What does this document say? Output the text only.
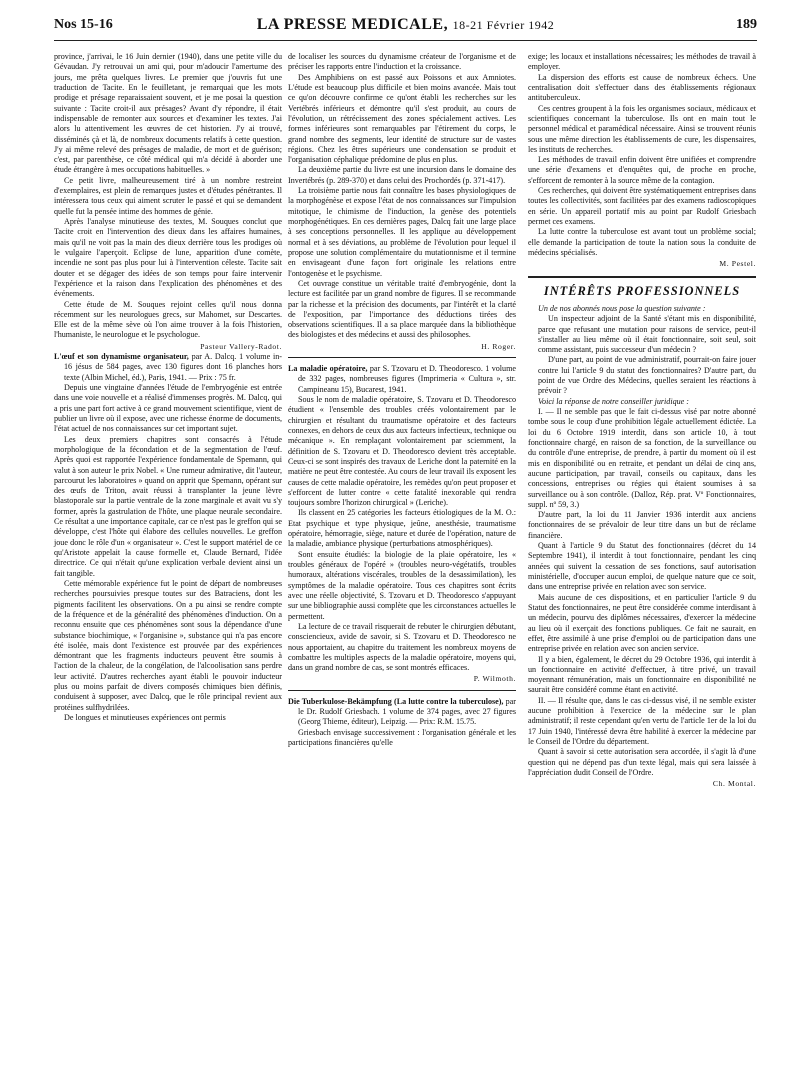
Nos 15-16	LA PRESSE MEDICALE, 18-21 Février 1942	189

province, j'arrivai, le 16 Juin dernier (1940), dans une petite ville du Gévaudan. J'y retrouvai un ami qui, pour m'adoucir l'amertume des jours, me prêta quelques livres. Le premier que j'ouvris fut une traduction de Tacite. En le feuilletant, je remarquai que les mots prodige et présage reparaissaient souvent, et je me posai la question suivante : Tacite croit-il aux présages? Avant d'y répondre, il était indispensable de remonter aux sources et d'examiner les textes. J'ai alors lu attentivement les œuvres de cet historien. J'y ai trouvé, disséminés çà et là, de nombreux documents relatifs à cette question. J'y ai même relevé des présages de maladie, de mort et de guérison; c'est, par parenthèse, ce côté médical qui m'a décidé à aborder une étude étrangère à mes occupations habituelles. »

Ce petit livre, malheureusement tiré à un nombre restreint d'exemplaires, est plein de remarques justes et d'études pénétrantes. Il intéressera tous ceux qui aiment scruter le passé et qui se demandent quelle fut la pensée intime des hommes de génie.

Après l'analyse minutieuse des textes, M. Souques conclut que Tacite croit en l'intervention des dieux dans les affaires humaines, mais qu'il ne voit pas la main des dieux derrière tous les prodiges où le vulgaire l'aperçoit. Eclipse de lune, apparition d'une comète, incendie ne sont pas plus pour lui à l'intervention céleste. Tacite sait douter et se dégager des idées de son temps pour faire intervenir l'expérience et la raison dans l'explication des phénomènes et des événements.

Cette étude de M. Souques rejoint celles qu'il nous donna récemment sur les neurologues grecs, sur Mahomet, sur Descartes. Elle est de la même sève où l'on aime trouver à la fois l'historien, l'humaniste, le neurologue et le psychologue.

Pasteur Vallery-Radot.

L'œuf et son dynamisme organisateur, par A. Dalcq. 1 volume in-16 jésus de 584 pages, avec 130 figures dont 16 planches hors texte (Albin Michel, éd.), Paris, 1941. — Prix : 75 fr.

Depuis une vingtaine d'années l'étude de l'embryogénie est entrée dans une voie nouvelle et a réalisé d'immenses progrès. M. Dalcq, qui a pris une part fort active à ce grand mouvement scientifique, vient de publier un livre où il expose, avec une richesse énorme de documents, l'état actuel de nos connaissances sur cet important sujet.

Les deux premiers chapitres sont consacrés à l'étude morphologique de la fécondation et de la segmentation de l'œuf. Après quoi est rapportée l'expérience fondamentale de Spemann, qui valut à son auteur le prix Nobel. « Une rumeur admirative, dit l'auteur, parcourut les laboratoires » quand on apprit que Spemann, opérant sur des œufs de Triton, avait réussi à transplanter la jeune lèvre blastoporale sur la partie ventrale de la zone marginale et avait vu s'y former, après la gastrulation de l'hôte, une plaque neurale secondaire. Ce résultat a une importance capitale, car ce n'est pas le greffon qui se développe, c'est l'hôte qui élabore des cellules nouvelles. Le greffon joue donc le rôle d'un « organisateur ». C'est le support matériel de ce qu'Aristote appelait la cause formelle et, Claude Bernard, l'idée directrice. Ce qui n'était qu'une explication verbale devient ainsi un fait tangible.

Cette mémorable expérience fut le point de départ de nombreuses recherches poursuivies presque toutes sur des Batraciens, dont les pigments facilitent les observations. On a pu ainsi se rendre compte de la fréquence et de la généralité des phénomènes d'induction. On a reconnu ensuite que ces phénomènes sont sous la dépendance d'une substance biochimique, « l'organisine », substance qui n'a pas encore été isolée, mais dont l'existence est prouvée par des expériences démontrant que les fragments inducteurs peuvent être soumis à l'action de la chaleur, de la congélation, de l'alcoolisation sans perdre leur activité. D'autres recherches ayant établi le pouvoir inducteur plus ou moins parfait de divers composés chimiques bien définis, conduisent à supposer, avec Dalcq, que le rôle principal revient aux protéines sulfhydrilées.

De longues et minutieuses expériences ont permis

de localiser les sources du dynamisme créateur de l'organisme et de préciser les rapports entre l'induction et la croissance.

Des Amphibiens on est passé aux Poissons et aux Amniotes. L'étude est beaucoup plus difficile et bien moins avancée. Mais tout ce qu'on découvre confirme ce qu'ont établi les recherches sur les Vertébrés inférieurs et démontre qu'il s'est produit, au cours de l'évolution, un rétrécissement des zones spécialement actives. Les formes inférieures sont remarquables par l'étirement du corps, le grand nombre des segments, leur identité de structure sur de vastes régions. Chez les êtres supérieurs une condensation se produit et l'organisation céphalique prédomine de plus en plus.

La deuxième partie du livre est une incursion dans le domaine des Invertébrés (p. 289-370) et dans celui des Prochordés (p. 371-417).

La troisième partie nous fait connaître les bases physiologiques de la morphogénèse et expose l'état de nos connaissances sur l'impulsion mitotique, le chimisme de l'induction, la genèse des potentiels morphogénétiques. En ces dernières pages, Dalcq fait une large place à ses conceptions personnelles. Il les applique au développement normal et à ses déviations, au problème de l'évolution pour lequel il propose une solution complémentaire du mutationnisme et il termine en envisageant d'une façon fort originale les relations entre l'ontogenèse et le psychisme.

Cet ouvrage constitue un véritable traité d'embryogénie, dont la lecture est facilitée par un grand nombre de figures. Il se recommande par la richesse et la précision des documents, par l'intérêt et la clarté de l'exposition, par l'importance des déductions tirées des observations scientifiques. Il a sa place marquée dans la bibliothèque des biologistes et des médecins et aussi des philosophes.

H. Roger.

La maladie opératoire, par S. Tzovaru et D. Theodoresco. 1 volume de 332 pages, nombreuses figures (Imprimeria « Cultura », str. Campineanu 15), Bucarest, 1941.

Sous le nom de maladie opératoire, S. Tzovaru et D. Theodoresco étudient « l'ensemble des troubles créés volontairement par le chirurgien et résultant du traumatisme opératoire et des facteurs connexes, en dehors de ceux dus aux facteurs infectieux, technique ou mécanique ». En remplaçant volontairement par sciemment, la définition de S. Tzovaru et D. Theodoresco devient très acceptable. Ceux-ci se sont inspirés des travaux de Leriche dont la paternité en la matière ne peut être contestée. Au cours de leur travail ils exposent les causes de cette maladie opératoire, les remèdes qu'on peut proposer et s'efforcent de lutter contre « cette fatalité inexorable qui rendra toujours sombre l'horizon chirurgical » (Leriche).

Ils classent en 25 catégories les facteurs étiologiques de la M. O.: Etat psychique et type physique, jeûne, anesthésie, traumatisme opératoire, hémorragie, siège, nature et durée de l'opération, nature de la maladie, ambiance physique (perturbations atmosphériques).

Sont ensuite étudiés: la biologie de la plaie opératoire, les « troubles généraux de l'opéré » (troubles neuro-végétatifs, troubles humoraux, altérations viscérales, troubles de la desassimilation), les symptômes de la maladie opératoire. Tous ces chapitres sont écrits avec une réelle objectivité, S. Tzovaru et D. Theodoresco s'appuyant sur une bibliographie aussi complète que les circonstances actuelles le permettent.

La lecture de ce travail risquerait de rebuter le chirurgien débutant, consciencieux, avide de savoir, si S. Tzovaru et D. Theodoresco ne nous apportaient, au chapitre du traitement les nombreux moyens de combattre les multiples aspects de la maladie opératoire, moyens qui, dans un grand nombre de cas, se sont montrés efficaces.

P. Wilmoth.

Die Tuberkulose-Bekämpfung (La lutte contre la tuberculose), par le Dr. Rudolf Griesbach. 1 volume de 374 pages, avec 27 figures (Georg Thieme, éditeur), Leipzig. — Prix: R.M. 15.75.

Griesbach envisage successivement : l'organisation générale et les participations financières qu'elle

exige; les locaux et installations nécessaires; les méthodes de travail à employer.

La dispersion des efforts est cause de nombreux échecs. Une centralisation doit s'effectuer dans des établissements régionaux antituberculeux.

Ces centres groupent à la fois les organismes sociaux, médicaux et scientifiques concernant la tuberculose. Ils ont en main tout le personnel médical et paramédical nécessaire. Ainsi se trouvent réunis sous une même direction les établissements de cure, les dispensaires, les instituts de recherches.

Les méthodes de travail enfin doivent être unifiées et comprendre une série d'examens et d'enquêtes qui, de proche en proche, s'efforcent de remonter à la source même de la contagion.

Ces recherches, qui doivent être systématiquement entreprises dans toutes les collectivités, sont facilitées par des examens radioscopiques en série. Un appareil portatif mis au point par Rudolf Griesbach permet ces examens.

La lutte contre la tuberculose est avant tout un problème social; elle demande la participation de toute la nation sous la conduite de médecins spécialisés.

M. Pestel.
INTÉRÊTS PROFESSIONNELS

Un de nos abonnés nous pose la question suivante :

Un inspecteur adjoint de la Santé s'étant mis en disponibilité, parce que refusant une mutation pour raisons de service, peut-il s'installer au lieu même où il était fonctionnaire, soit seul, soit comme assistant, puis successeur d'un médecin ?

D'une part, au point de vue administratif, pourrait-on faire jouer contre lui l'article 9 du statut des fonctionnaires? D'autre part, du point de vue Ordre des Médecins, quelles seraient les réactions à prévoir ?

Voici la réponse de notre conseiller juridique :

I. — Il ne semble pas que le fait ci-dessus visé par notre abonné tombe sous le coup d'une prohibition légale actuellement édictée. La loi du 6 Octobre 1919 interdit, dans son article 10, à tout fonctionnaire chargé, en raison de sa fonction, de la surveillance ou du contrôle d'une entreprise, de prendre, à partir du moment où il est mis en disponibilité ou en retraite, et pendant un délai de cinq ans, aucune participation, par travail, conseils ou capitaux, dans les concessions, entreprises ou régies qui étaient soumises à sa surveillance ou à son contrôle. (Dalloz, Rép. prat. Vº Fonctionnaires, suppl. nº 59, 3.)

D'autre part, la loi du 11 Janvier 1936 interdit aux anciens fonctionnaires de se prévaloir de leur titre dans un but de réclame financière.

Quant à l'article 9 du Statut des fonctionnaires (décret du 14 Septembre 1941), il interdit à tout fonctionnaire, pendant les cinq années qui suivent la cessation de ses fonctions, sauf autorisation ministérielle, d'occuper aucun emploi, de quelque nature que ce soit, dans une entreprise privée en relation avec son service.

Mais aucune de ces dispositions, et en particulier l'article 9 du Statut des fonctionnaires, ne peut être considérée comme interdisant à un médecin, pourvu des diplômes nécessaires, d'exercer la médecine au lieu où il exerçait des fonctions publiques. Ce fait ne saurait, en effet, être assimilé à une prise d'emploi ou de participation dans une entreprise privée en relation avec son ancien service.

Il y a bien, également, le décret du 29 Octobre 1936, qui interdit à un fonctionnaire en activité d'effectuer, à titre privé, un travail moyennant rémunération, mais un fonctionnaire en disponibilité ne saurait être considéré comme étant en activité.

II. — Il résulte que, dans le cas ci-dessus visé, il ne semble exister aucune prohibition à l'exercice de la médecine sur le plan administratif; il reste cependant qu'en vertu de l'article 1er de la loi du 17 Juin 1940, l'intéressé devra être habilité à exercer la médecine par le Conseil de l'Ordre du département.

Quant à savoir si cette autorisation sera accordée, il s'agit là d'une question qui ne dépend pas d'un texte légal, mais qui sera laissée à l'appréciation dudit Conseil de l'Ordre.

Ch. Montal.
